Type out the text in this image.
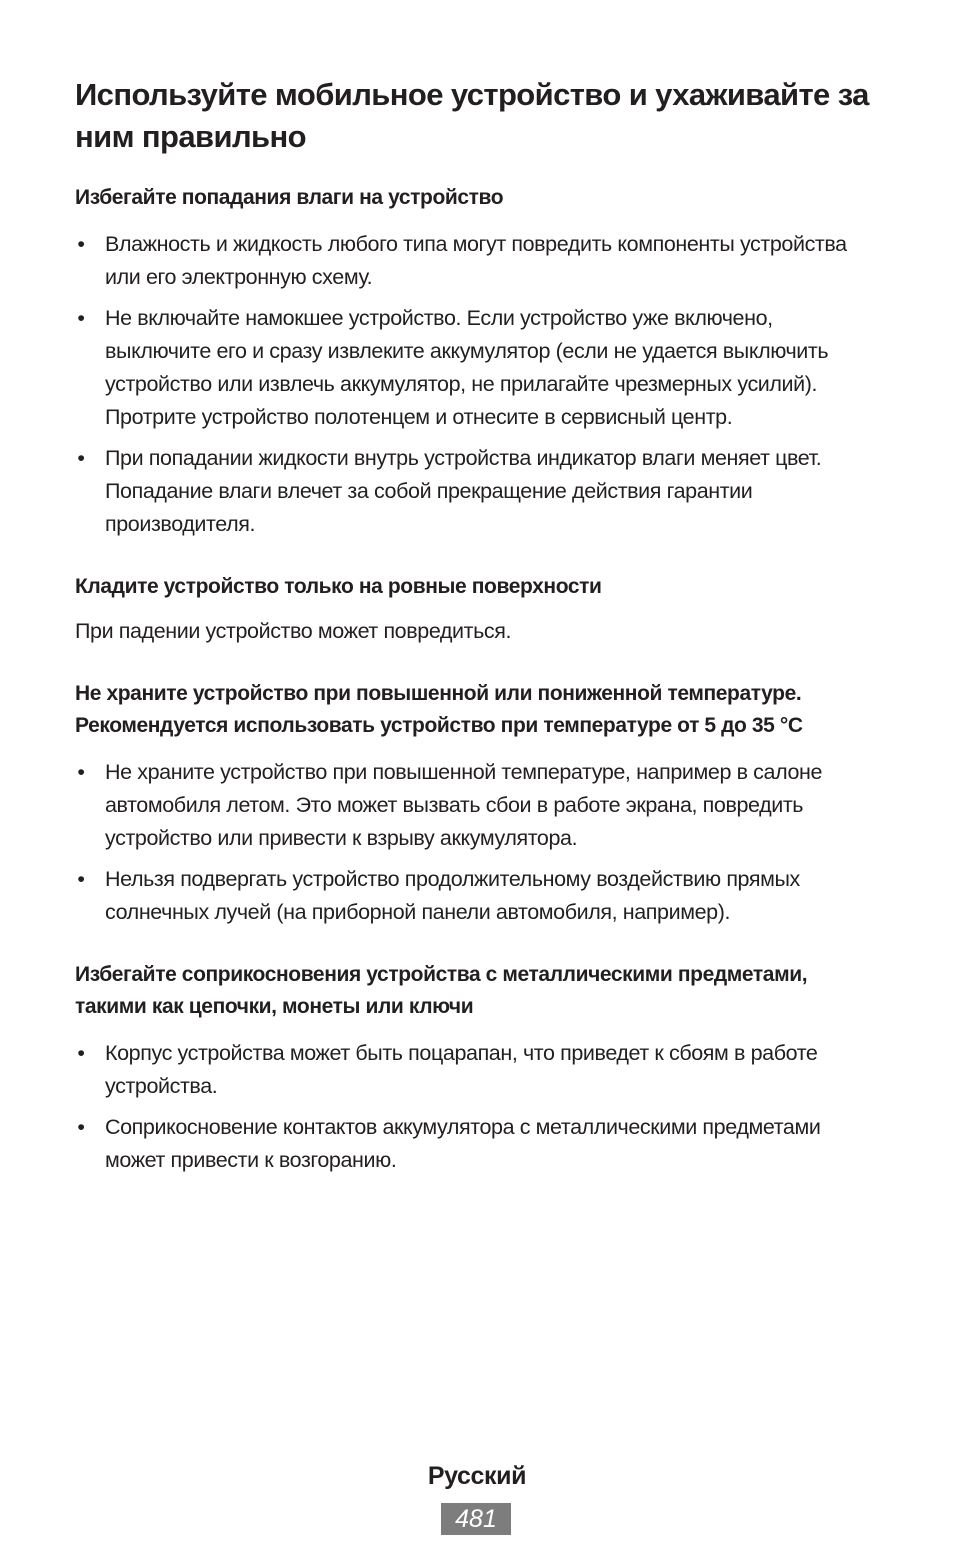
Используйте мобильное устройство и ухаживайте за ним правильно
Избегайте попадания влаги на устройство
• Влажность и жидкость любого типа могут повредить компоненты устройства или его электронную схему.
• Не включайте намокшее устройство. Если устройство уже включено, выключите его и сразу извлеките аккумулятор (если не удается выключить устройство или извлечь аккумулятор, не прилагайте чрезмерных усилий). Протрите устройство полотенцем и отнесите в сервисный центр.
• При попадании жидкости внутрь устройства индикатор влаги меняет цвет. Попадание влаги влечет за собой прекращение действия гарантии производителя.
Кладите устройство только на ровные поверхности

При падении устройство может повредиться.

Не храните устройство при повышенной или пониженной температуре. Рекомендуется использовать устройство при температуре от 5 до 35 °C
• Не храните устройство при повышенной температуре, например в салоне автомобиля летом. Это может вызвать сбои в работе экрана, повредить устройство или привести к взрыву аккумулятора.
• Нельзя подвергать устройство продолжительному воздействию прямых солнечных лучей (на приборной панели автомобиля, например).
Избегайте соприкосновения устройства с металлическими предметами, такими как цепочки, монеты или ключи
• Корпус устройства может быть поцарапан, что приведет к сбоям в работе устройства.
• Соприкосновение контактов аккумулятора с металлическими предметами может привести к возгоранию.
Русский
481
